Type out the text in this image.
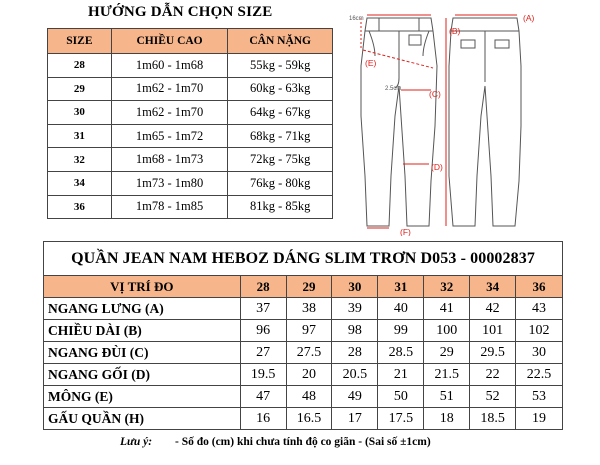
HƯỚNG DẪN CHỌN SIZE
SIZE	CHIỀU CAO	CÂN NẶNG
28	1m60 - 1m68	55kg - 59kg
29	1m62 - 1m70	60kg - 63kg
30	1m62 - 1m70	64kg - 67kg
31	1m65 - 1m72	68kg - 71kg
32	1m68 - 1m73	72kg - 75kg
34	1m73 - 1m80	76kg - 80kg
36	1m78 - 1m85	81kg - 85kg
(A)
(B)
(C)
(D)
(E)
(F)
16cm
2.5cm
QUẦN JEAN NAM HEBOZ DÁNG SLIM TRƠN D053 - 00002837							
VỊ TRÍ ĐO	28	29	30	31	32	34	36
NGANG LƯNG (A)	37	38	39	40	41	42	43
CHIỀU DÀI (B)	96	97	98	99	100	101	102
NGANG ĐÙI (C)	27	27.5	28	28.5	29	29.5	30
NGANG GỐI (D)	19.5	20	20.5	21	21.5	22	22.5
MÔNG (E)	47	48	49	50	51	52	53
GẤU QUẦN (H)	16	16.5	17	17.5	18	18.5	19
Lưu ý: - Số đo (cm) khi chưa tính độ co giãn - (Sai số ±1cm)
